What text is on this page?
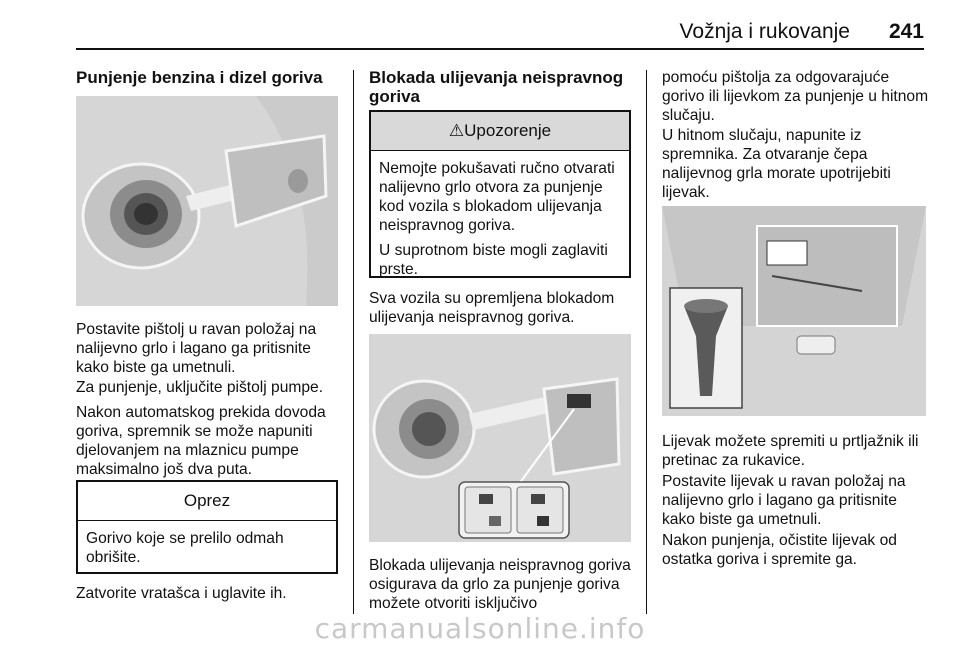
Vožnja i rukovanje 241
Punjenje benzina i dizel goriva

Postavite pištolj u ravan položaj na nalijevno grlo i lagano ga pritisnite kako biste ga umetnuli.

Za punjenje, uključite pištolj pumpe.

Nakon automatskog prekida dovoda goriva, spremnik se može napuniti djelovanjem na mlaznicu pumpe maksimalno još dva puta.

Oprez

Gorivo koje se prelilo odmah obrišite.

Zatvorite vratašca i uglavite ih.

Blokada ulijevanja neispravnog goriva
⚠Upozorenje

Nemojte pokušavati ručno otvarati nalijevno grlo otvora za punjenje kod vozila s blokadom ulijevanja neispravnog goriva.

U suprotnom biste mogli zaglaviti prste.

Sva vozila su opremljena blokadom ulijevanja neispravnog goriva.

Blokada ulijevanja neispravnog goriva osigurava da grlo za punjenje goriva možete otvoriti isključivo

pomoću pištolja za odgovarajuće gorivo ili lijevkom za punjenje u hitnom slučaju.

U hitnom slučaju, napunite iz spremnika. Za otvaranje čepa nalijevnog grla morate upotrijebiti lijevak.

Lijevak možete spremiti u prtljažnik ili pretinac za rukavice.

Postavite lijevak u ravan položaj na nalijevno grlo i lagano ga pritisnite kako biste ga umetnuli.

Nakon punjenja, očistite lijevak od ostatka goriva i spremite ga.

carmanualsonline.info
